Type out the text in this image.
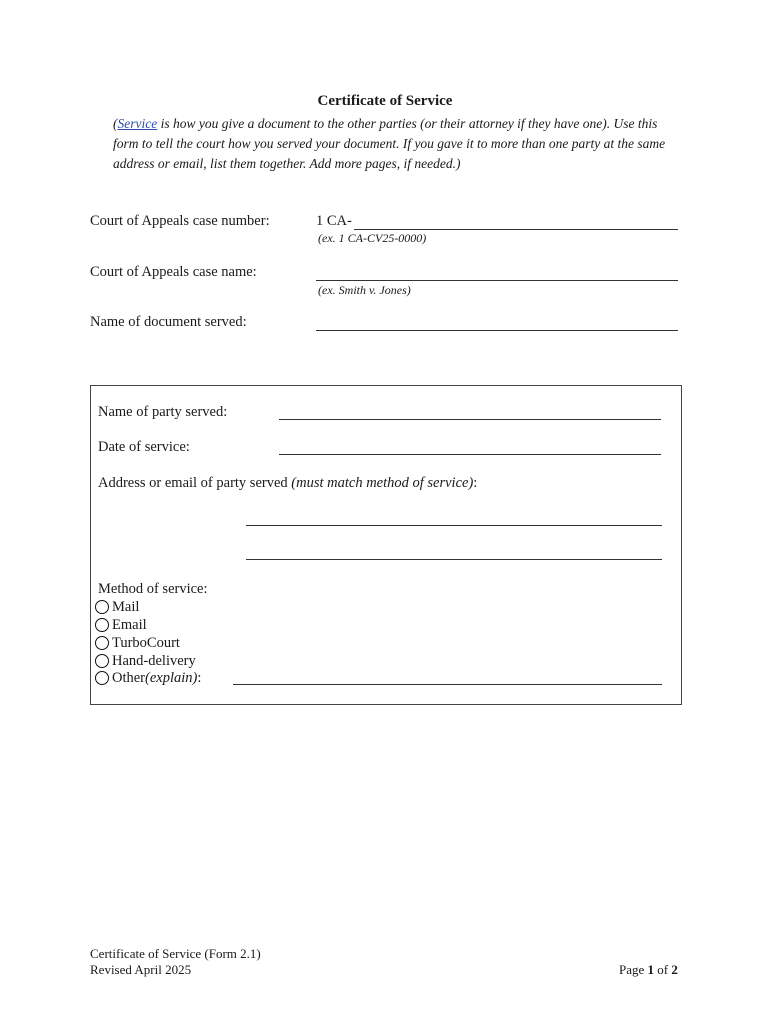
Certificate of Service
(Service is how you give a document to the other parties (or their attorney if they have one). Use this form to tell the court how you served your document. If you gave it to more than one party at the same address or email, list them together. Add more pages, if needed.)
Court of Appeals case number:	1 CA-
(ex. 1 CA-CV25-0000)
Court of Appeals case name:
(ex. Smith v. Jones)
Name of document served:
Name of party served:
Date of service:
Address or email of party served (must match method of service):
Method of service:
Mail
Email
TurboCourt
Hand-delivery
Other (explain) :
Certificate of Service (Form 2.1)
Revised April 2025	Page 1 of 2
